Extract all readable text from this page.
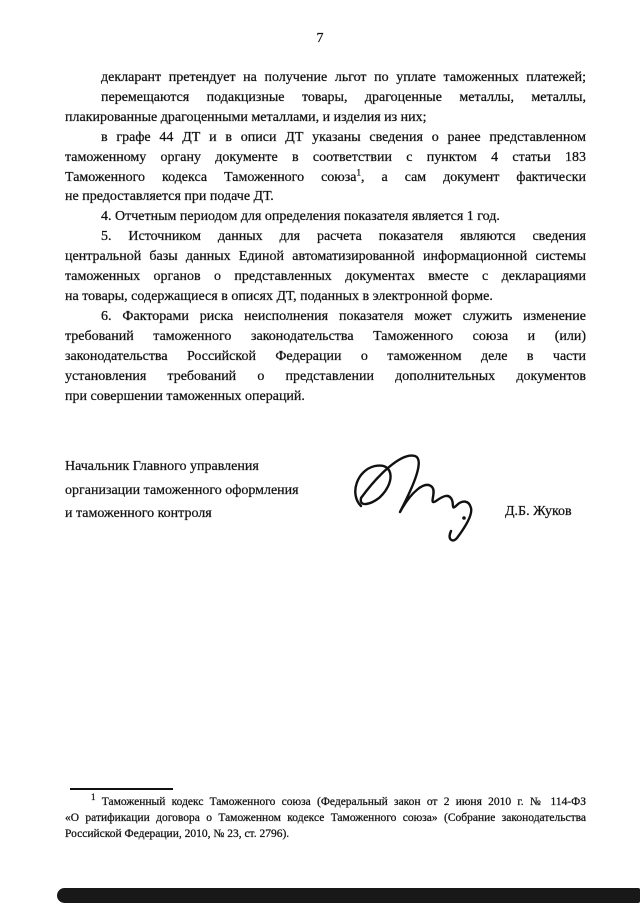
7
декларант претендует на получение льгот по уплате таможенных платежей;
перемещаются подакцизные товары, драгоценные металлы, металлы,
плакированные драгоценными металлами, и изделия из них;
в графе 44 ДТ и в описи ДТ указаны сведения о ранее представленном
таможенному органу документе в соответствии с пунктом 4 статьи 183
Таможенного кодекса Таможенного союза$^1$, а сам документ фактически
не предоставляется при подаче ДТ.
4. Отчетным периодом для определения показателя является 1 год.
5. Источником данных для расчета показателя являются сведения
центральной базы данных Единой автоматизированной информационной системы
таможенных органов о представленных документах вместе с декларациями
на товары, содержащиеся в описях ДТ, поданных в электронной форме.
6. Факторами риска неисполнения показателя может служить изменение
требований таможенного законодательства Таможенного союза и (или)
законодательства Российской Федерации о таможенном деле в части
установления требований о представлении дополнительных документов
при совершении таможенных операций.
Начальник Главного управления
организации таможенного оформления
и таможенного контроля	Д.Б. Жуков
$^1$ Таможенный кодекс Таможенного союза (Федеральный закон от 2 июня 2010 г. № 114-ФЗ
«О ратификации договора о Таможенном кодексе Таможенного союза» (Собрание законодательства
Российской Федерации, 2010, № 23, ст. 2796).
